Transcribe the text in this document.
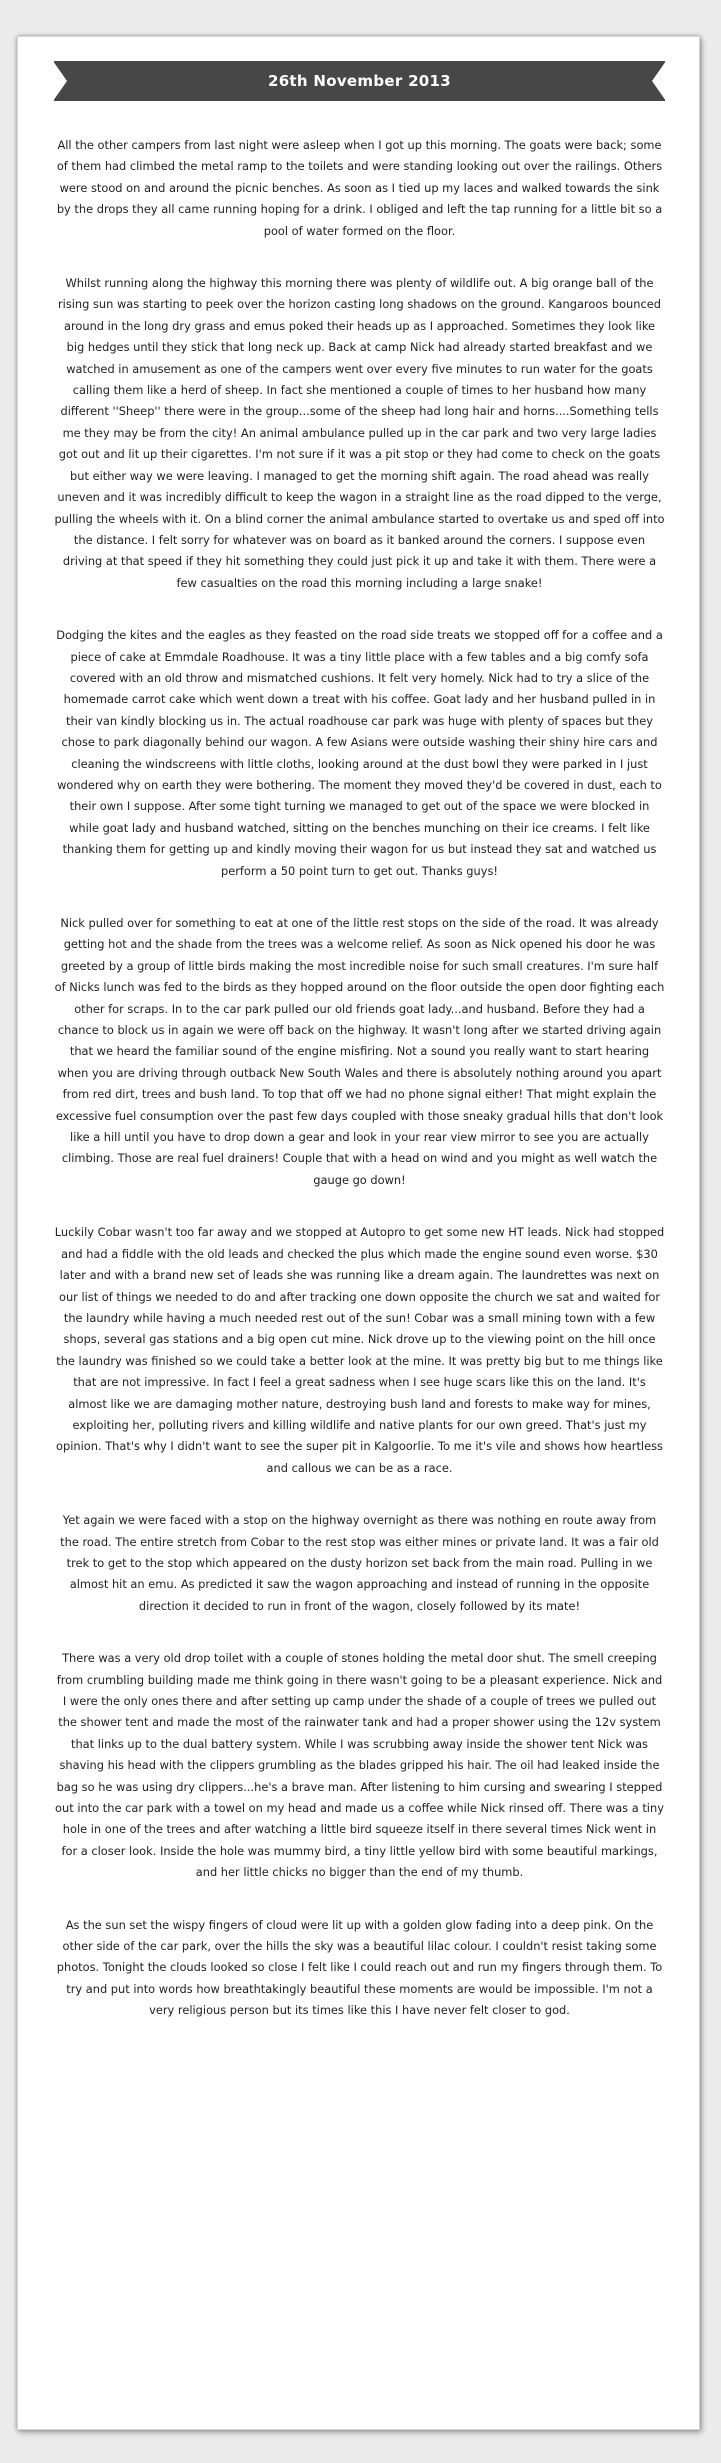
26th November 2013

All the other campers from last night were asleep when I got up this morning. The goats were back; some of them had climbed the metal ramp to the toilets and were standing looking out over the railings. Others were stood on and around the picnic benches. As soon as I tied up my laces and walked towards the sink by the drops they all came running hoping for a drink. I obliged and left the tap running for a little bit so a pool of water formed on the floor.

Whilst running along the highway this morning there was plenty of wildlife out. A big orange ball of the rising sun was starting to peek over the horizon casting long shadows on the ground. Kangaroos bounced around in the long dry grass and emus poked their heads up as I approached. Sometimes they look like big hedges until they stick that long neck up. Back at camp Nick had already started breakfast and we watched in amusement as one of the campers went over every five minutes to run water for the goats calling them like a herd of sheep. In fact she mentioned a couple of times to her husband how many different ''Sheep'' there were in the group...some of the sheep had long hair and horns....Something tells me they may be from the city! An animal ambulance pulled up in the car park and two very large ladies got out and lit up their cigarettes. I'm not sure if it was a pit stop or they had come to check on the goats but either way we were leaving. I managed to get the morning shift again. The road ahead was really uneven and it was incredibly difficult to keep the wagon in a straight line as the road dipped to the verge, pulling the wheels with it. On a blind corner the animal ambulance started to overtake us and sped off into the distance. I felt sorry for whatever was on board as it banked around the corners. I suppose even driving at that speed if they hit something they could just pick it up and take it with them. There were a few casualties on the road this morning including a large snake!

Dodging the kites and the eagles as they feasted on the road side treats we stopped off for a coffee and a piece of cake at Emmdale Roadhouse. It was a tiny little place with a few tables and a big comfy sofa covered with an old throw and mismatched cushions. It felt very homely. Nick had to try a slice of the homemade carrot cake which went down a treat with his coffee. Goat lady and her husband pulled in in their van kindly blocking us in. The actual roadhouse car park was huge with plenty of spaces but they chose to park diagonally behind our wagon. A few Asians were outside washing their shiny hire cars and cleaning the windscreens with little cloths, looking around at the dust bowl they were parked in I just wondered why on earth they were bothering. The moment they moved they'd be covered in dust, each to their own I suppose. After some tight turning we managed to get out of the space we were blocked in while goat lady and husband watched, sitting on the benches munching on their ice creams. I felt like thanking them for getting up and kindly moving their wagon for us but instead they sat and watched us perform a 50 point turn to get out. Thanks guys!

Nick pulled over for something to eat at one of the little rest stops on the side of the road. It was already getting hot and the shade from the trees was a welcome relief. As soon as Nick opened his door he was greeted by a group of little birds making the most incredible noise for such small creatures. I'm sure half of Nicks lunch was fed to the birds as they hopped around on the floor outside the open door fighting each other for scraps. In to the car park pulled our old friends goat lady...and husband. Before they had a chance to block us in again we were off back on the highway. It wasn't long after we started driving again that we heard the familiar sound of the engine misfiring. Not a sound you really want to start hearing when you are driving through outback New South Wales and there is absolutely nothing around you apart from red dirt, trees and bush land. To top that off we had no phone signal either! That might explain the excessive fuel consumption over the past few days coupled with those sneaky gradual hills that don't look like a hill until you have to drop down a gear and look in your rear view mirror to see you are actually climbing. Those are real fuel drainers! Couple that with a head on wind and you might as well watch the gauge go down!

Luckily Cobar wasn't too far away and we stopped at Autopro to get some new HT leads. Nick had stopped and had a fiddle with the old leads and checked the plus which made the engine sound even worse. $30 later and with a brand new set of leads she was running like a dream again. The laundrettes was next on our list of things we needed to do and after tracking one down opposite the church we sat and waited for the laundry while having a much needed rest out of the sun! Cobar was a small mining town with a few shops, several gas stations and a big open cut mine. Nick drove up to the viewing point on the hill once the laundry was finished so we could take a better look at the mine. It was pretty big but to me things like that are not impressive. In fact I feel a great sadness when I see huge scars like this on the land. It's almost like we are damaging mother nature, destroying bush land and forests to make way for mines, exploiting her, polluting rivers and killing wildlife and native plants for our own greed. That's just my opinion. That's why I didn't want to see the super pit in Kalgoorlie. To me it's vile and shows how heartless and callous we can be as a race.

Yet again we were faced with a stop on the highway overnight as there was nothing en route away from the road. The entire stretch from Cobar to the rest stop was either mines or private land. It was a fair old trek to get to the stop which appeared on the dusty horizon set back from the main road. Pulling in we almost hit an emu. As predicted it saw the wagon approaching and instead of running in the opposite direction it decided to run in front of the wagon, closely followed by its mate!

There was a very old drop toilet with a couple of stones holding the metal door shut. The smell creeping from crumbling building made me think going in there wasn't going to be a pleasant experience. Nick and I were the only ones there and after setting up camp under the shade of a couple of trees we pulled out the shower tent and made the most of the rainwater tank and had a proper shower using the 12v system that links up to the dual battery system. While I was scrubbing away inside the shower tent Nick was shaving his head with the clippers grumbling as the blades gripped his hair. The oil had leaked inside the bag so he was using dry clippers...he's a brave man. After listening to him cursing and swearing I stepped out into the car park with a towel on my head and made us a coffee while Nick rinsed off. There was a tiny hole in one of the trees and after watching a little bird squeeze itself in there several times Nick went in for a closer look. Inside the hole was mummy bird, a tiny little yellow bird with some beautiful markings, and her little chicks no bigger than the end of my thumb.

As the sun set the wispy fingers of cloud were lit up with a golden glow fading into a deep pink. On the other side of the car park, over the hills the sky was a beautiful lilac colour. I couldn't resist taking some photos. Tonight the clouds looked so close I felt like I could reach out and run my fingers through them. To try and put into words how breathtakingly beautiful these moments are would be impossible. I'm not a very religious person but its times like this I have never felt closer to god.
